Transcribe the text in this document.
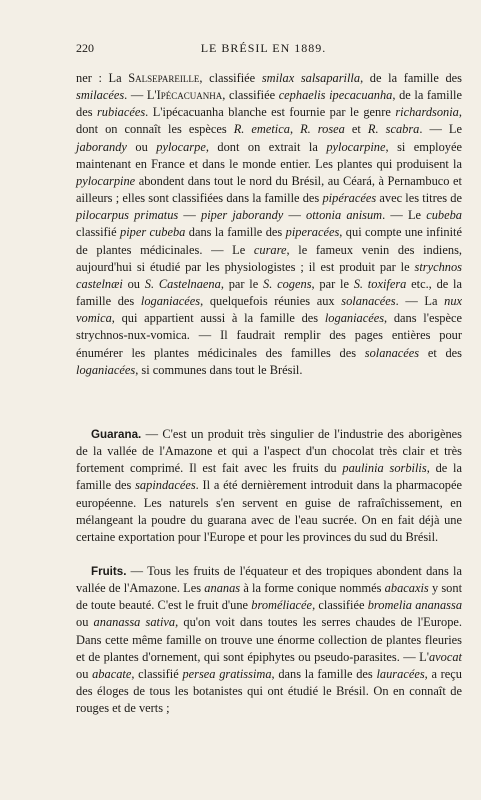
220	LE BRÉSIL EN 1889.

ner : La Salsepareille, classifiée smilax salsaparilla, de la famille des smilacées. — L'Ipécacuanha, classifiée cephaelis ipecacuanha, de la famille des rubiacées. L'ipécacuanha blanche est fournie par le genre richardsonia, dont on connaît les espèces R. emetica, R. rosea et R. scabra. — Le jaborandy ou pylocarpe, dont on extrait la pylocarpine, si employée maintenant en France et dans le monde entier. Les plantes qui produisent la pylocarpine abondent dans tout le nord du Brésil, au Céará, à Pernambuco et ailleurs ; elles sont classifiées dans la famille des pipéracées avec les titres de pilocarpus primatus — piper jaborandy — ottonia anisum. — Le cubeba classifié piper cubeba dans la famille des piperacées, qui compte une infinité de plantes médicinales. — Le curare, le fameux venin des indiens, aujourd'hui si étudié par les physiologistes ; il est produit par le strychnos castelnæi ou S. Castelnaena, par le S. cogens, par le S. toxifera etc., de la famille des loganiacées, quelquefois réunies aux solanacées. — La nux vomica, qui appartient aussi à la famille des loganiacées, dans l'espèce strychnos-nux-vomica. — Il faudrait remplir des pages entières pour énumérer les plantes médicinales des familles des solanacées et des loganiacées, si communes dans tout le Brésil.

Guarana. — C'est un produit très singulier de l'industrie des aborigènes de la vallée de l'Amazone et qui a l'aspect d'un chocolat très clair et très fortement comprimé. Il est fait avec les fruits du paulinia sorbilis, de la famille des sapindacées. Il a été dernièrement introduit dans la pharmacopée européenne. Les naturels s'en servent en guise de rafraîchissement, en mélangeant la poudre du guarana avec de l'eau sucrée. On en fait déjà une certaine exportation pour l'Europe et pour les provinces du sud du Brésil.

Fruits. — Tous les fruits de l'équateur et des tropiques abondent dans la vallée de l'Amazone. Les ananas à la forme conique nommés abacaxis y sont de toute beauté. C'est le fruit d'une broméliacée, classifiée bromelia ananassa ou ananassa sativa, qu'on voit dans toutes les serres chaudes de l'Europe. Dans cette même famille on trouve une énorme collection de plantes fleuries et de plantes d'ornement, qui sont épiphytes ou pseudo-parasites. — L'avocat ou abacate, classifié persea gratissima, dans la famille des lauracées, a reçu des éloges de tous les botanistes qui ont étudié le Brésil. On en connaît de rouges et de verts ;
